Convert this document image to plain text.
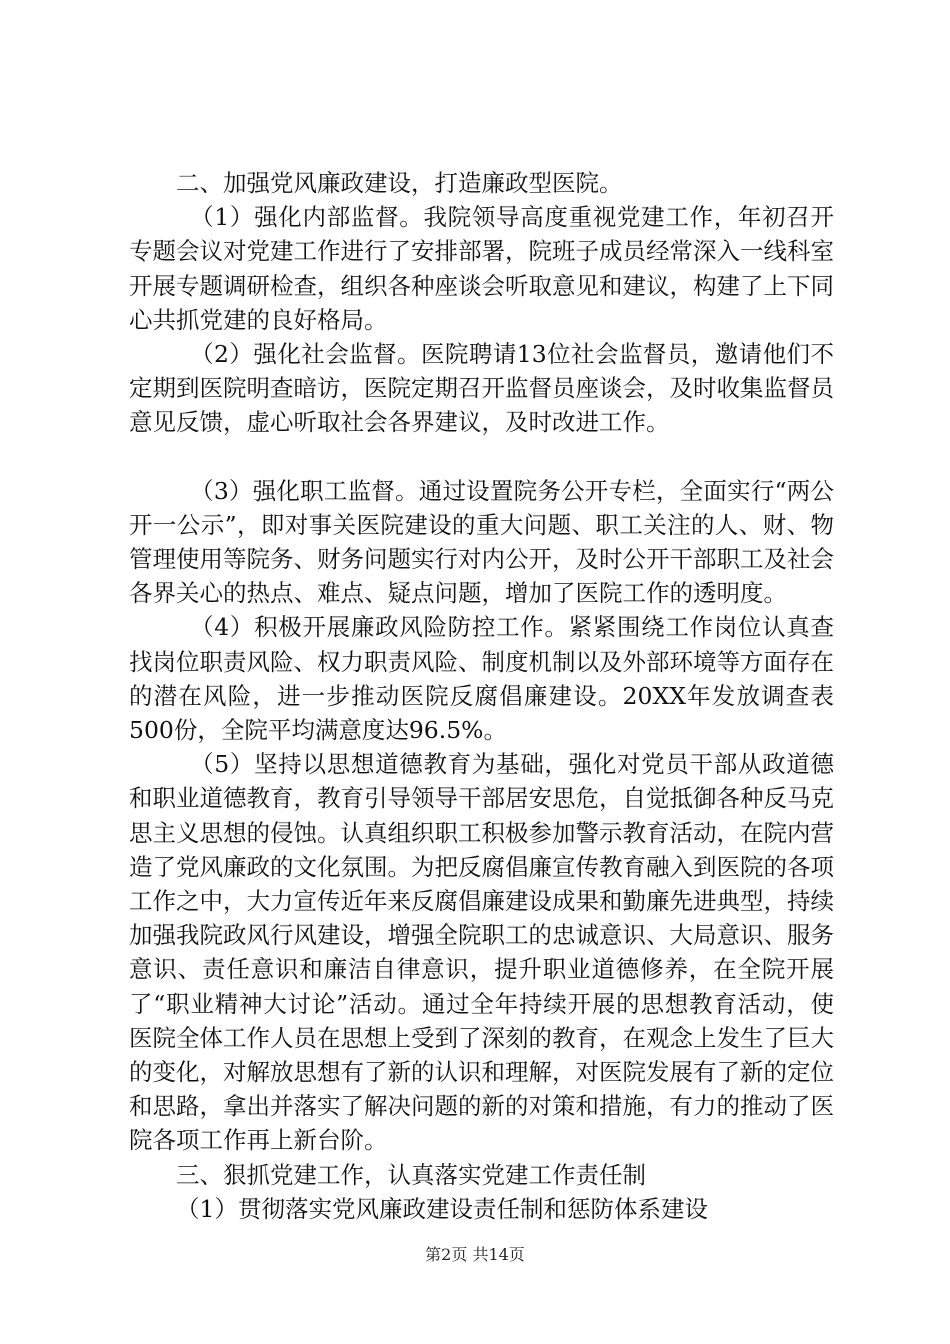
二、加强党风廉政建设，打造廉政型医院。

（1）强化内部监督。我院领导高度重视党建工作，年初召开专题会议对党建工作进行了安排部署，院班子成员经常深入一线科室开展专题调研检查，组织各种座谈会听取意见和建议，构建了上下同心共抓党建的良好格局。

（2）强化社会监督。医院聘请13位社会监督员，邀请他们不定期到医院明查暗访，医院定期召开监督员座谈会，及时收集监督员意见反馈，虚心听取社会各界建议，及时改进工作。

（3）强化职工监督。通过设置院务公开专栏，全面实行“两公开一公示”，即对事关医院建设的重大问题、职工关注的人、财、物管理使用等院务、财务问题实行对内公开，及时公开干部职工及社会各界关心的热点、难点、疑点问题，增加了医院工作的透明度。

（4）积极开展廉政风险防控工作。紧紧围绕工作岗位认真查找岗位职责风险、权力职责风险、制度机制以及外部环境等方面存在的潜在风险，进一步推动医院反腐倡廉建设。20XX年发放调查表500份，全院平均满意度达96.5%。

（5）坚持以思想道德教育为基础，强化对党员干部从政道德和职业道德教育，教育引导领导干部居安思危，自觉抵御各种反马克思主义思想的侵蚀。认真组织职工积极参加警示教育活动，在院内营造了党风廉政的文化氛围。为把反腐倡廉宣传教育融入到医院的各项工作之中，大力宣传近年来反腐倡廉建设成果和勤廉先进典型，持续加强我院政风行风建设，增强全院职工的忠诚意识、大局意识、服务意识、责任意识和廉洁自律意识，提升职业道德修养，在全院开展了“职业精神大讨论”活动。通过全年持续开展的思想教育活动，使医院全体工作人员在思想上受到了深刻的教育，在观念上发生了巨大的变化，对解放思想有了新的认识和理解，对医院发展有了新的定位和思路，拿出并落实了解决问题的新的对策和措施，有力的推动了医院各项工作再上新台阶。

三、狠抓党建工作，认真落实党建工作责任制

（1）贯彻落实党风廉政建设责任制和惩防体系建设

第2页 共14页
